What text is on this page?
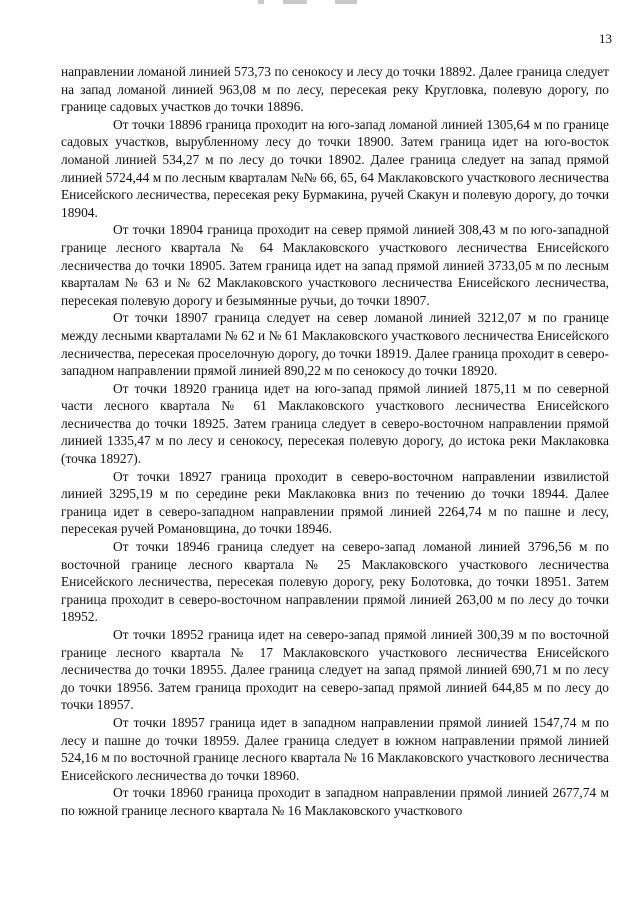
13

направлении ломаной линией 573,73 по сенокосу и лесу до точки 18892. Далее граница следует на запад ломаной линией 963,08 м по лесу, пересекая реку Кругловка, полевую дорогу, по границе садовых участков до точки 18896.

От точки 18896 граница проходит на юго-запад ломаной линией 1305,64 м по границе садовых участков, вырубленному лесу до точки 18900. Затем граница идет на юго-восток ломаной линией 534,27 м по лесу до точки 18902. Далее граница следует на запад прямой линией 5724,44 м по лесным кварталам №№ 66, 65, 64 Маклаковского участкового лесничества Енисейского лесничества, пересекая реку Бурмакина, ручей Скакун и полевую дорогу, до точки 18904.

От точки 18904 граница проходит на север прямой линией 308,43 м по юго-западной границе лесного квартала № 64 Маклаковского участкового лесничества Енисейского лесничества до точки 18905. Затем граница идет на запад прямой линией 3733,05 м по лесным кварталам № 63 и № 62 Маклаковского участкового лесничества Енисейского лесничества, пересекая полевую дорогу и безымянные ручьи, до точки 18907.

От точки 18907 граница следует на север ломаной линией 3212,07 м по границе между лесными кварталами № 62 и № 61 Маклаковского участкового лесничества Енисейского лесничества, пересекая проселочную дорогу, до точки 18919. Далее граница проходит в северо-западном направлении прямой линией 890,22 м по сенокосу до точки 18920.

От точки 18920 граница идет на юго-запад прямой линией 1875,11 м по северной части лесного квартала № 61 Маклаковского участкового лесничества Енисейского лесничества до точки 18925. Затем граница следует в северо-восточном направлении прямой линией 1335,47 м по лесу и сенокосу, пересекая полевую дорогу, до истока реки Маклаковка (точка 18927).

От точки 18927 граница проходит в северо-восточном направлении извилистой линией 3295,19 м по середине реки Маклаковка вниз по течению до точки 18944. Далее граница идет в северо-западном направлении прямой линией 2264,74 м по пашне и лесу, пересекая ручей Романовщина, до точки 18946.

От точки 18946 граница следует на северо-запад ломаной линией 3796,56 м по восточной границе лесного квартала № 25 Маклаковского участкового лесничества Енисейского лесничества, пересекая полевую дорогу, реку Болотовка, до точки 18951. Затем граница проходит в северо-восточном направлении прямой линией 263,00 м по лесу до точки 18952.

От точки 18952 граница идет на северо-запад прямой линией 300,39 м по восточной границе лесного квартала № 17 Маклаковского участкового лесничества Енисейского лесничества до точки 18955. Далее граница следует на запад прямой линией 690,71 м по лесу до точки 18956. Затем граница проходит на северо-запад прямой линией 644,85 м по лесу до точки 18957.

От точки 18957 граница идет в западном направлении прямой линией 1547,74 м по лесу и пашне до точки 18959. Далее граница следует в южном направлении прямой линией 524,16 м по восточной границе лесного квартала № 16 Маклаковского участкового лесничества Енисейского лесничества до точки 18960.

От точки 18960 граница проходит в западном направлении прямой линией 2677,74 м по южной границе лесного квартала № 16 Маклаковского участкового
